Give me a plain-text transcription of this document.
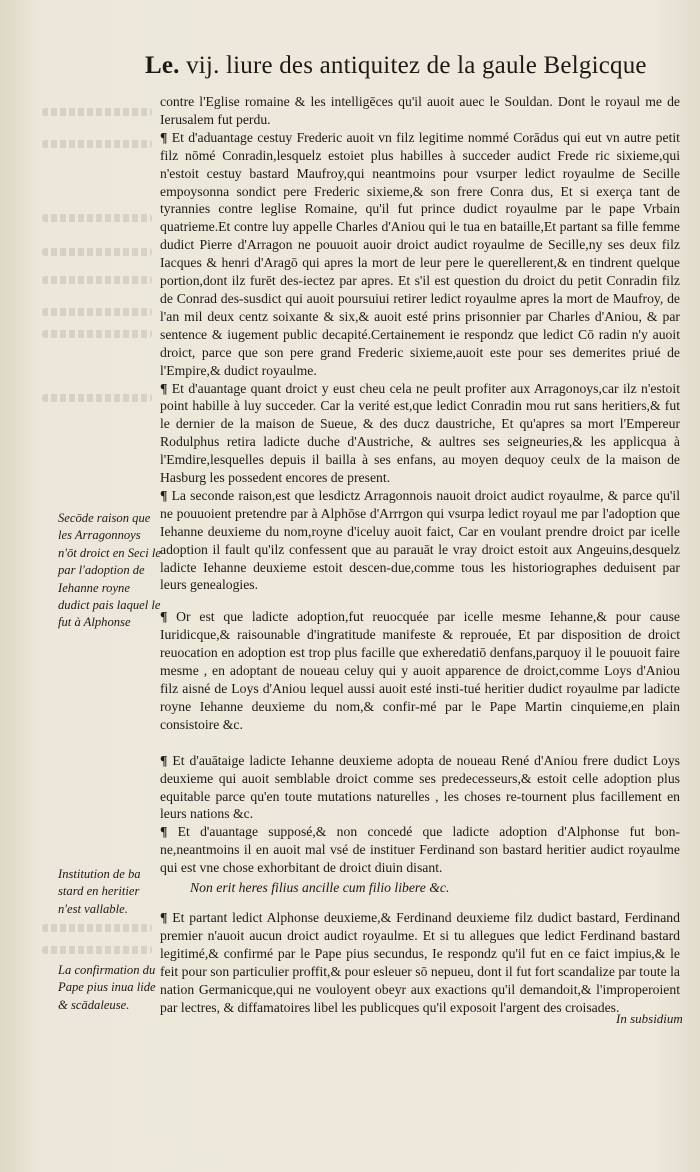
Le. vij. liure des antiquitez de la gaule Belgicque

contre l'Eglise romaine & les intelligēces qu'il auoit auec le Souldan. Dont le royaul me de Ierusalem fut perdu.

¶ Et d'aduantage cestuy Frederic auoit vn filz legitime nommé Corādus qui eut vn autre petit filz nōmé Conradin,lesquelz estoiet plus habilles à succeder audict Frede ric sixieme,qui n'estoit cestuy bastard Maufroy,qui neantmoins pour vsurper ledict royaulme de Secille empoysonna sondict pere Frederic sixieme,& son frere Conra dus, Et si exerça tant de tyrannies contre leglise Romaine, qu'il fut prince dudict royaulme par le pape Vrbain quatrieme.Et contre luy appelle Charles d'Aniou qui le tua en bataille,Et partant sa fille femme dudict Pierre d'Arragon ne pouuoit auoir droict audict royaulme de Secille,ny ses deux filz Iacques & henri d'Aragō qui apres la mort de leur pere le querellerent,& en tindrent quelque portion,dont ilz furēt des-iectez par apres. Et s'il est question du droict du petit Conradin filz de Conrad des-susdict qui auoit poursuiui retirer ledict royaulme apres la mort de Maufroy, de l'an mil deux centz soixante & six,& auoit esté prins prisonnier par Charles d'Aniou, & par sentence & iugement public decapité.Certainement ie respondz que ledict Cō radin n'y auoit droict, parce que son pere grand Frederic sixieme,auoit este pour ses demerites priué de l'Empire,& dudict royaulme.

¶ Et d'auantage quant droict y eust cheu cela ne peult profiter aux Arragonoys,car ilz n'estoit point habille à luy succeder. Car la verité est,que ledict Conradin mou rut sans heritiers,& fut le dernier de la maison de Sueue, & des ducz daustriche, Et qu'apres sa mort l'Empereur Rodulphus retira ladicte duche d'Austriche, & aultres ses seigneuries,& les applicqua à l'Emdire,lesquelles depuis il bailla à ses enfans, au moyen dequoy ceulx de la maison de Hasburg les possedent encores de present.

¶ La seconde raison,est que lesdictz Arragonnois nauoit droict audict royaulme, & parce qu'il ne pouuoient pretendre par à Alphōse d'Arrrgon qui vsurpa ledict royaul me par l'adoption que Iehanne deuxieme du nom,royne d'iceluy auoit faict, Car en voulant prendre droict par icelle adoption il fault qu'ilz confessent que au parauāt le vray droict estoit aux Angeuins,desquelz ladicte Iehanne deuxieme estoit descen-due,comme tous les historiographes deduisent par leurs genealogies.

¶ Or est que ladicte adoption,fut reuocquée par icelle mesme Iehanne,& pour cause Iuridicque,& raisounable d'ingratitude manifeste & reprouée, Et par disposition de droict reuocation en adoption est trop plus facille que exheredatiō denfans,parquoy il le pouuoit faire mesme , en adoptant de noueau celuy qui y auoit apparence de droict,comme Loys d'Aniou filz aisné de Loys d'Aniou lequel aussi auoit esté insti-tué heritier dudict royaulme par ladicte royne Iehanne deuxieme du nom,& confir-mé par le Pape Martin cinquieme,en plain consistoire &c.

¶ Et d'auātaige ladicte Iehanne deuxieme adopta de noueau René d'Aniou frere dudict Loys deuxieme qui auoit semblable droict comme ses predecesseurs,& estoit celle adoption plus equitable parce qu'en toute mutations naturelles , les choses re-tournent plus facillement en leurs nations &c.

¶ Et d'auantage supposé,& non concedé que ladicte adoption d'Alphonse fut bon-ne,neantmoins il en auoit mal vsé de instituer Ferdinand son bastard heritier audict royaulme qui est vne chose exhorbitant de droict diuin disant.

Non erit heres filius ancille cum filio libere &c.

¶ Et partant ledict Alphonse deuxieme,& Ferdinand deuxieme filz dudict bastard, Ferdinand premier n'auoit aucun droict audict royaulme. Et si tu allegues que ledict Ferdinand bastard legitimé,& confirmé par le Pape pius secundus, Ie respondz qu'il fut en ce faict impius,& le feit pour son particulier proffit,& pour esleuer sō nepueu, dont il fut fort scandalize par toute la nation Germanicque,qui ne vouloyent obeyr aux exactions qu'il demandoit,& l'improperoient par lectres, & diffamatoires libel les publicques qu'il exposoit l'argent des croisades.

Secōde raison que les Arragonnoys n'ōt droict en Seci le par l'adoption de Iehanne royne dudict pais laquel le fut à Alphonse

Institution de ba stard en heritier n'est vallable.

La confirmation du Pape pius inua lide & scādaleuse.

In subsidium
